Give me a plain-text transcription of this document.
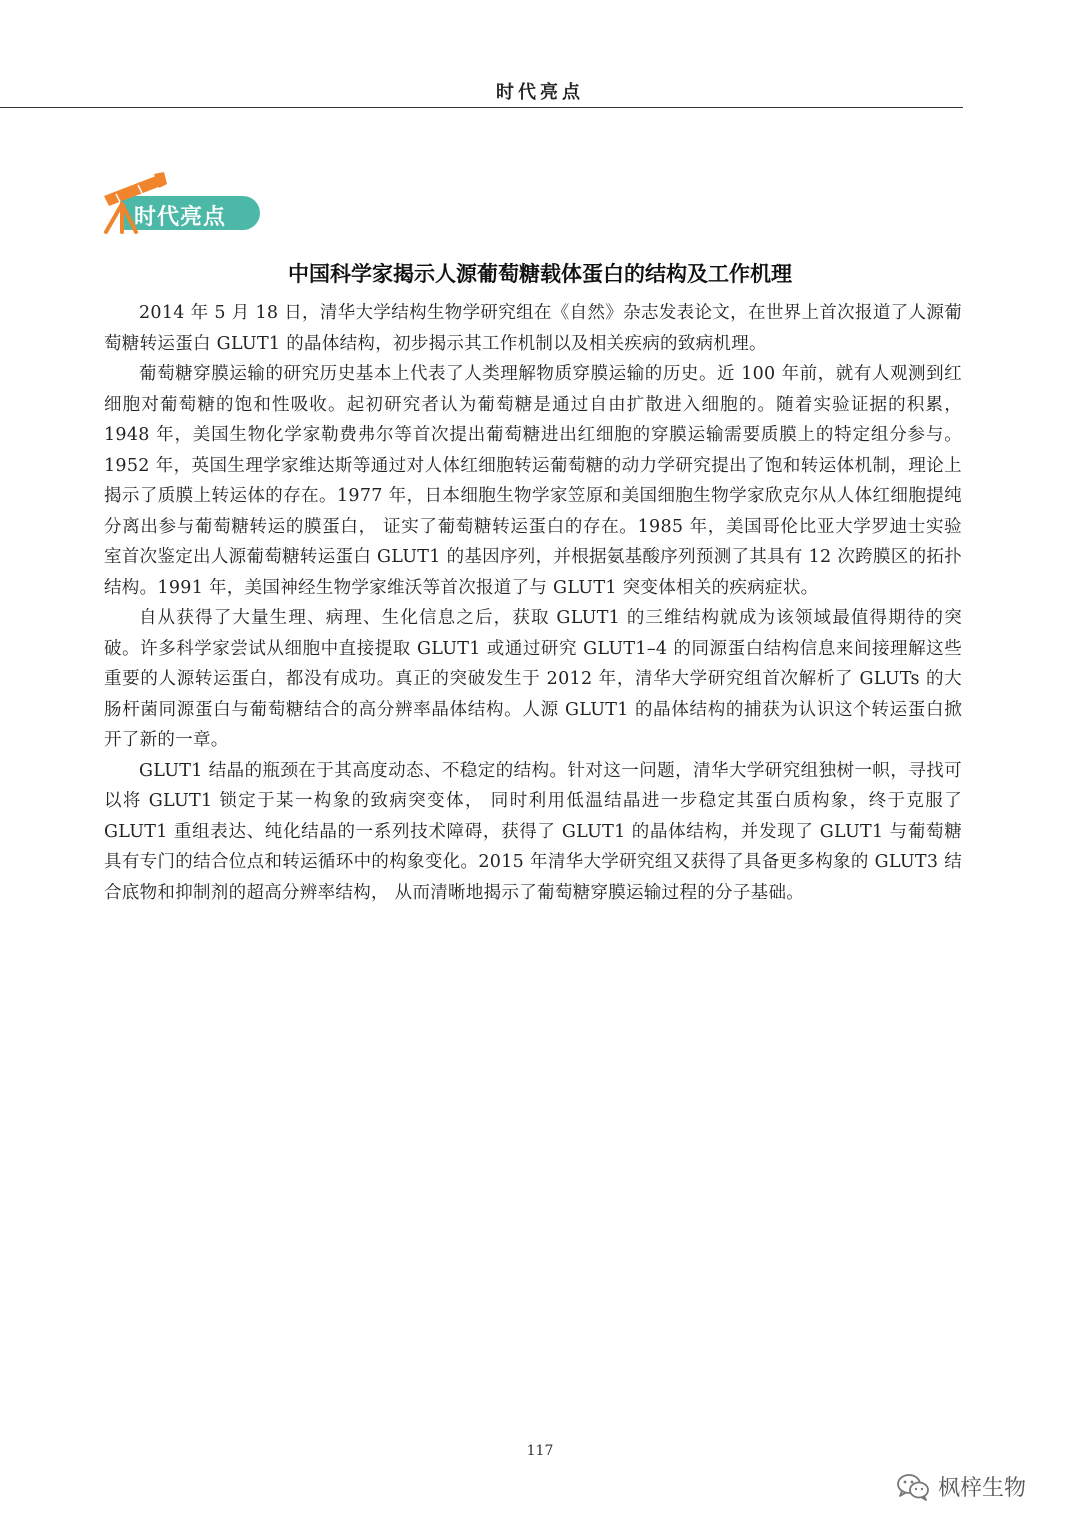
时代亮点
时代亮点
中国科学家揭示人源葡萄糖载体蛋白的结构及工作机理

2014 年 5 月 18 日，清华大学结构生物学研究组在《自然》杂志发表论文，在世界上首次报道了人源葡萄糖转运蛋白 GLUT1 的晶体结构，初步揭示其工作机制以及相关疾病的致病机理。

葡萄糖穿膜运输的研究历史基本上代表了人类理解物质穿膜运输的历史。近 100 年前，就有人观测到红细胞对葡萄糖的饱和性吸收。起初研究者认为葡萄糖是通过自由扩散进入细胞的。随着实验证据的积累，1948 年，美国生物化学家勒费弗尔等首次提出葡萄糖进出红细胞的穿膜运输需要质膜上的特定组分参与。1952 年，英国生理学家维达斯等通过对人体红细胞转运葡萄糖的动力学研究提出了饱和转运体机制，理论上揭示了质膜上转运体的存在。1977 年，日本细胞生物学家笠原和美国细胞生物学家欣克尔从人体红细胞提纯分离出参与葡萄糖转运的膜蛋白， 证实了葡萄糖转运蛋白的存在。1985 年，美国哥伦比亚大学罗迪士实验室首次鉴定出人源葡萄糖转运蛋白 GLUT1 的基因序列，并根据氨基酸序列预测了其具有 12 次跨膜区的拓扑结构。1991 年，美国神经生物学家维沃等首次报道了与 GLUT1 突变体相关的疾病症状。

自从获得了大量生理、病理、生化信息之后，获取 GLUT1 的三维结构就成为该领域最值得期待的突破。许多科学家尝试从细胞中直接提取 GLUT1 或通过研究 GLUT1–4 的同源蛋白结构信息来间接理解这些重要的人源转运蛋白，都没有成功。真正的突破发生于 2012 年，清华大学研究组首次解析了 GLUTs 的大肠杆菌同源蛋白与葡萄糖结合的高分辨率晶体结构。人源 GLUT1 的晶体结构的捕获为认识这个转运蛋白掀开了新的一章。

GLUT1 结晶的瓶颈在于其高度动态、不稳定的结构。针对这一问题，清华大学研究组独树一帜，寻找可以将 GLUT1 锁定于某一构象的致病突变体， 同时利用低温结晶进一步稳定其蛋白质构象，终于克服了 GLUT1 重组表达、纯化结晶的一系列技术障碍，获得了 GLUT1 的晶体结构，并发现了 GLUT1 与葡萄糖具有专门的结合位点和转运循环中的构象变化。2015 年清华大学研究组又获得了具备更多构象的 GLUT3 结合底物和抑制剂的超高分辨率结构， 从而清晰地揭示了葡萄糖穿膜运输过程的分子基础。

117
枫梓生物
